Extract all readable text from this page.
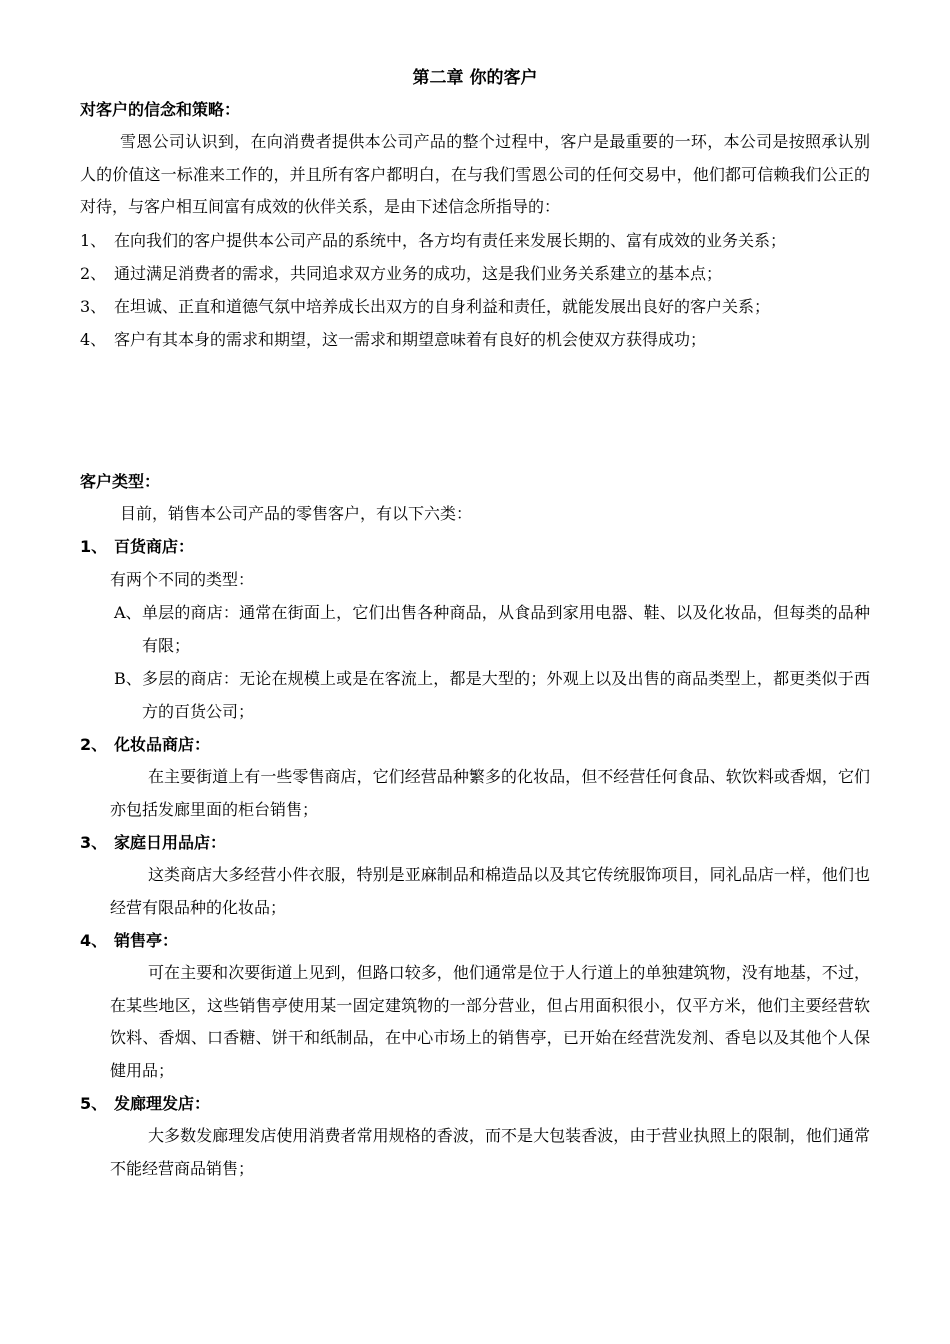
第二章 你的客户
对客户的信念和策略：

雪恩公司认识到，在向消费者提供本公司产品的整个过程中，客户是最重要的一环，本公司是按照承认别人的价值这一标准来工作的，并且所有客户都明白，在与我们雪恩公司的任何交易中，他们都可信赖我们公正的对待，与客户相互间富有成效的伙伴关系，是由下述信念所指导的：

1、 在向我们的客户提供本公司产品的系统中，各方均有责任来发展长期的、富有成效的业务关系；
2、 通过满足消费者的需求，共同追求双方业务的成功，这是我们业务关系建立的基本点；
3、 在坦诚、正直和道德气氛中培养成长出双方的自身利益和责任，就能发展出良好的客户关系；
4、 客户有其本身的需求和期望，这一需求和期望意味着有良好的机会使双方获得成功；
客户类型：

目前，销售本公司产品的零售客户，有以下六类：

1、 百货商店：
有两个不同的类型：
A、 单层的商店：通常在街面上，它们出售各种商品，从食品到家用电器、鞋、以及化妆品，但每类的品种有限；
B、 多层的商店：无论在规模上或是在客流上，都是大型的；外观上以及出售的商品类型上，都更类似于西方的百货公司；
2、 化妆品商店：
在主要街道上有一些零售商店，它们经营品种繁多的化妆品，但不经营任何食品、软饮料或香烟，它们亦包括发廊里面的柜台销售；
3、 家庭日用品店：
这类商店大多经营小件衣服，特别是亚麻制品和棉造品以及其它传统服饰项目，同礼品店一样，他们也经营有限品种的化妆品；
4、 销售亭：
可在主要和次要街道上见到，但路口较多，他们通常是位于人行道上的单独建筑物，没有地基，不过，在某些地区，这些销售亭使用某一固定建筑物的一部分营业，但占用面积很小，仅平方米，他们主要经营软饮料、香烟、口香糖、饼干和纸制品，在中心市场上的销售亭，已开始在经营洗发剂、香皂以及其他个人保健用品；
5、 发廊理发店：
大多数发廊理发店使用消费者常用规格的香波，而不是大包装香波，由于营业执照上的限制，他们通常不能经营商品销售；
